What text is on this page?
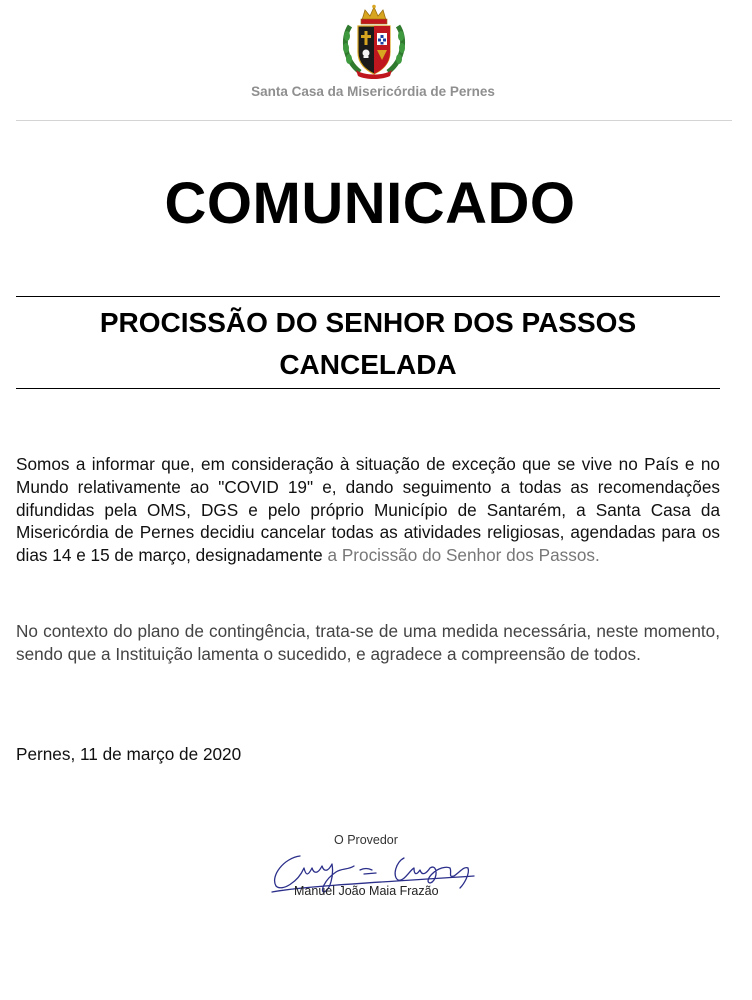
Santa Casa da Misericórdia de Pernes
COMUNICADO
PROCISSÃO DO SENHOR DOS PASSOS
CANCELADA
Somos a informar que, em consideração à situação de exceção que se vive no País e no Mundo relativamente ao "COVID 19" e, dando seguimento a todas as recomendações difundidas pela OMS, DGS e pelo próprio Município de Santarém, a Santa Casa da Misericórdia de Pernes decidiu cancelar todas as atividades religiosas, agendadas para os dias 14 e 15 de março, designadamente a Procissão do Senhor dos Passos.
No contexto do plano de contingência, trata-se de uma medida necessária, neste momento, sendo que a Instituição lamenta o sucedido, e agradece a compreensão de todos.
Pernes, 11 de março de 2020
O Provedor
Manuel João Maia Frazão
